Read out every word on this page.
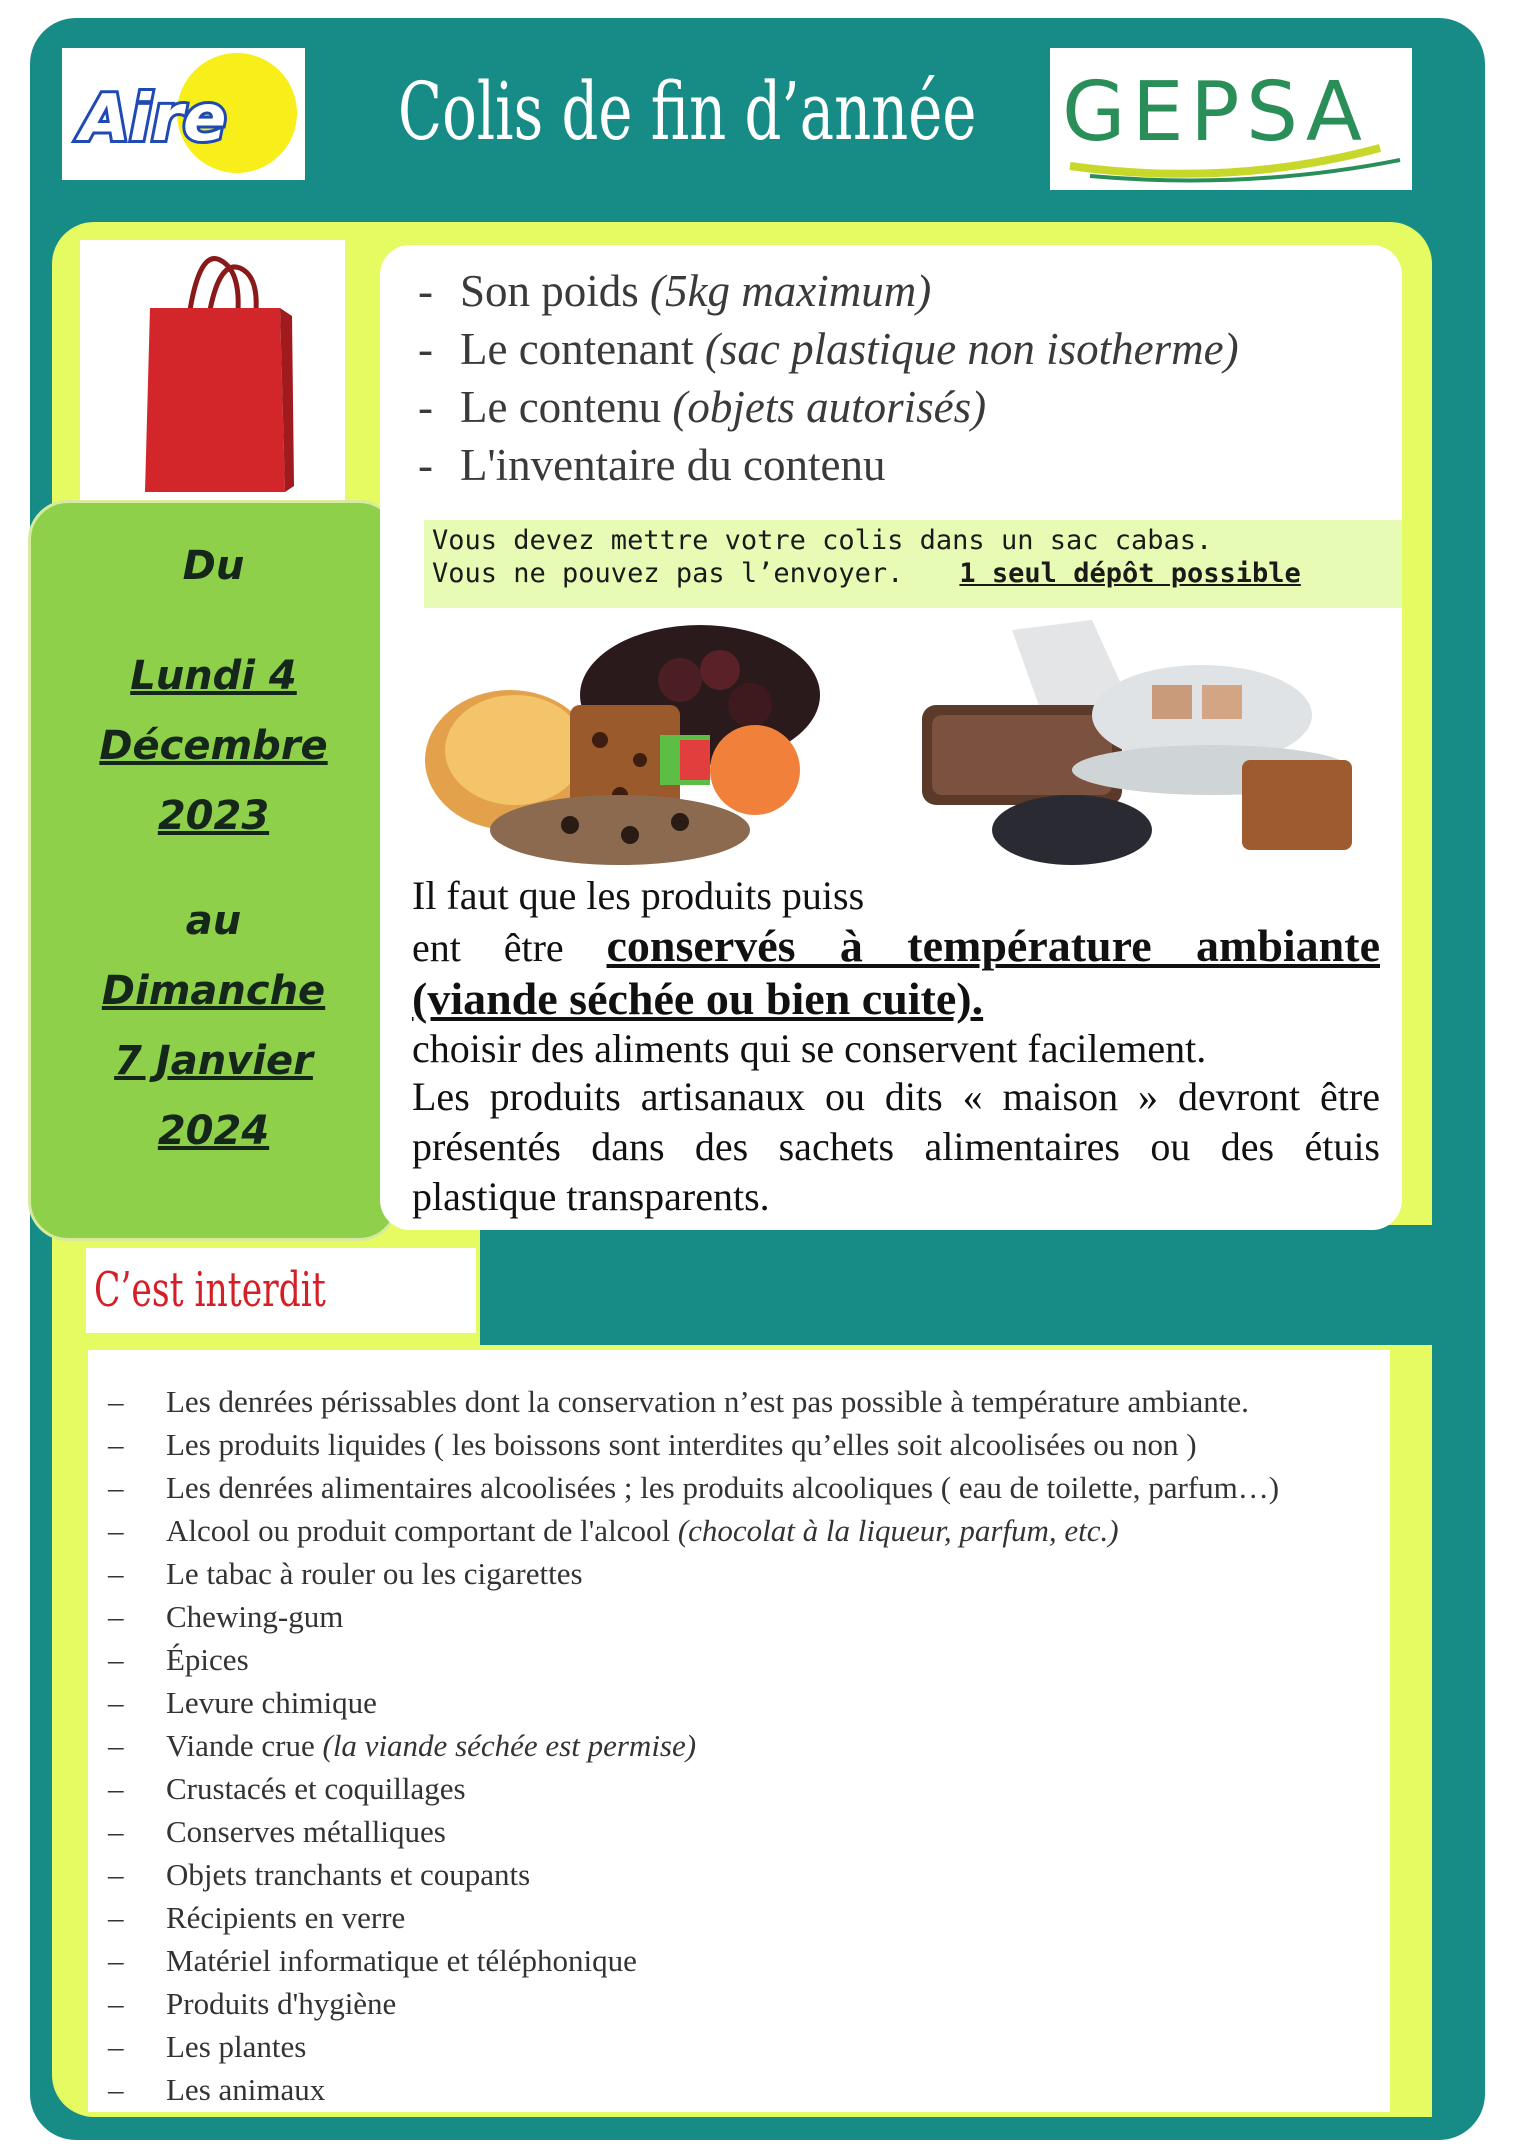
Aire Colis de fin d’année GEPSA
Du
Lundi 4
Décembre
2023
au
Dimanche
7 Janvier
2024
- Son poids (5kg maximum)
- Le contenant (sac plastique non isotherme)
- Le contenu (objets autorisés)
- L'inventaire du contenu
Vous devez mettre votre colis dans un sac cabas.
Vous ne pouvez pas l’envoyer. 1 seul dépôt possible

Il faut que les produits puiss

ent être conservés à température ambiante

(viande séchée ou bien cuite).

choisir des aliments qui se conservent facilement.

Les produits artisanaux ou dits « maison » devront être présentés dans des sachets alimentaires ou des étuis plastique transparents.

C’est interdit
– Les denrées périssables dont la conservation n’est pas possible à température ambiante.
– Les produits liquides ( les boissons sont interdites qu’elles soit alcoolisées ou non )
– Les denrées alimentaires alcoolisées ; les produits alcooliques ( eau de toilette, parfum…)
– Alcool ou produit comportant de l'alcool (chocolat à la liqueur, parfum, etc.)
– Le tabac à rouler ou les cigarettes
– Chewing-gum
– Épices
– Levure chimique
– Viande crue (la viande séchée est permise)
– Crustacés et coquillages
– Conserves métalliques
– Objets tranchants et coupants
– Récipients en verre
– Matériel informatique et téléphonique
– Produits d'hygiène
– Les plantes
– Les animaux
